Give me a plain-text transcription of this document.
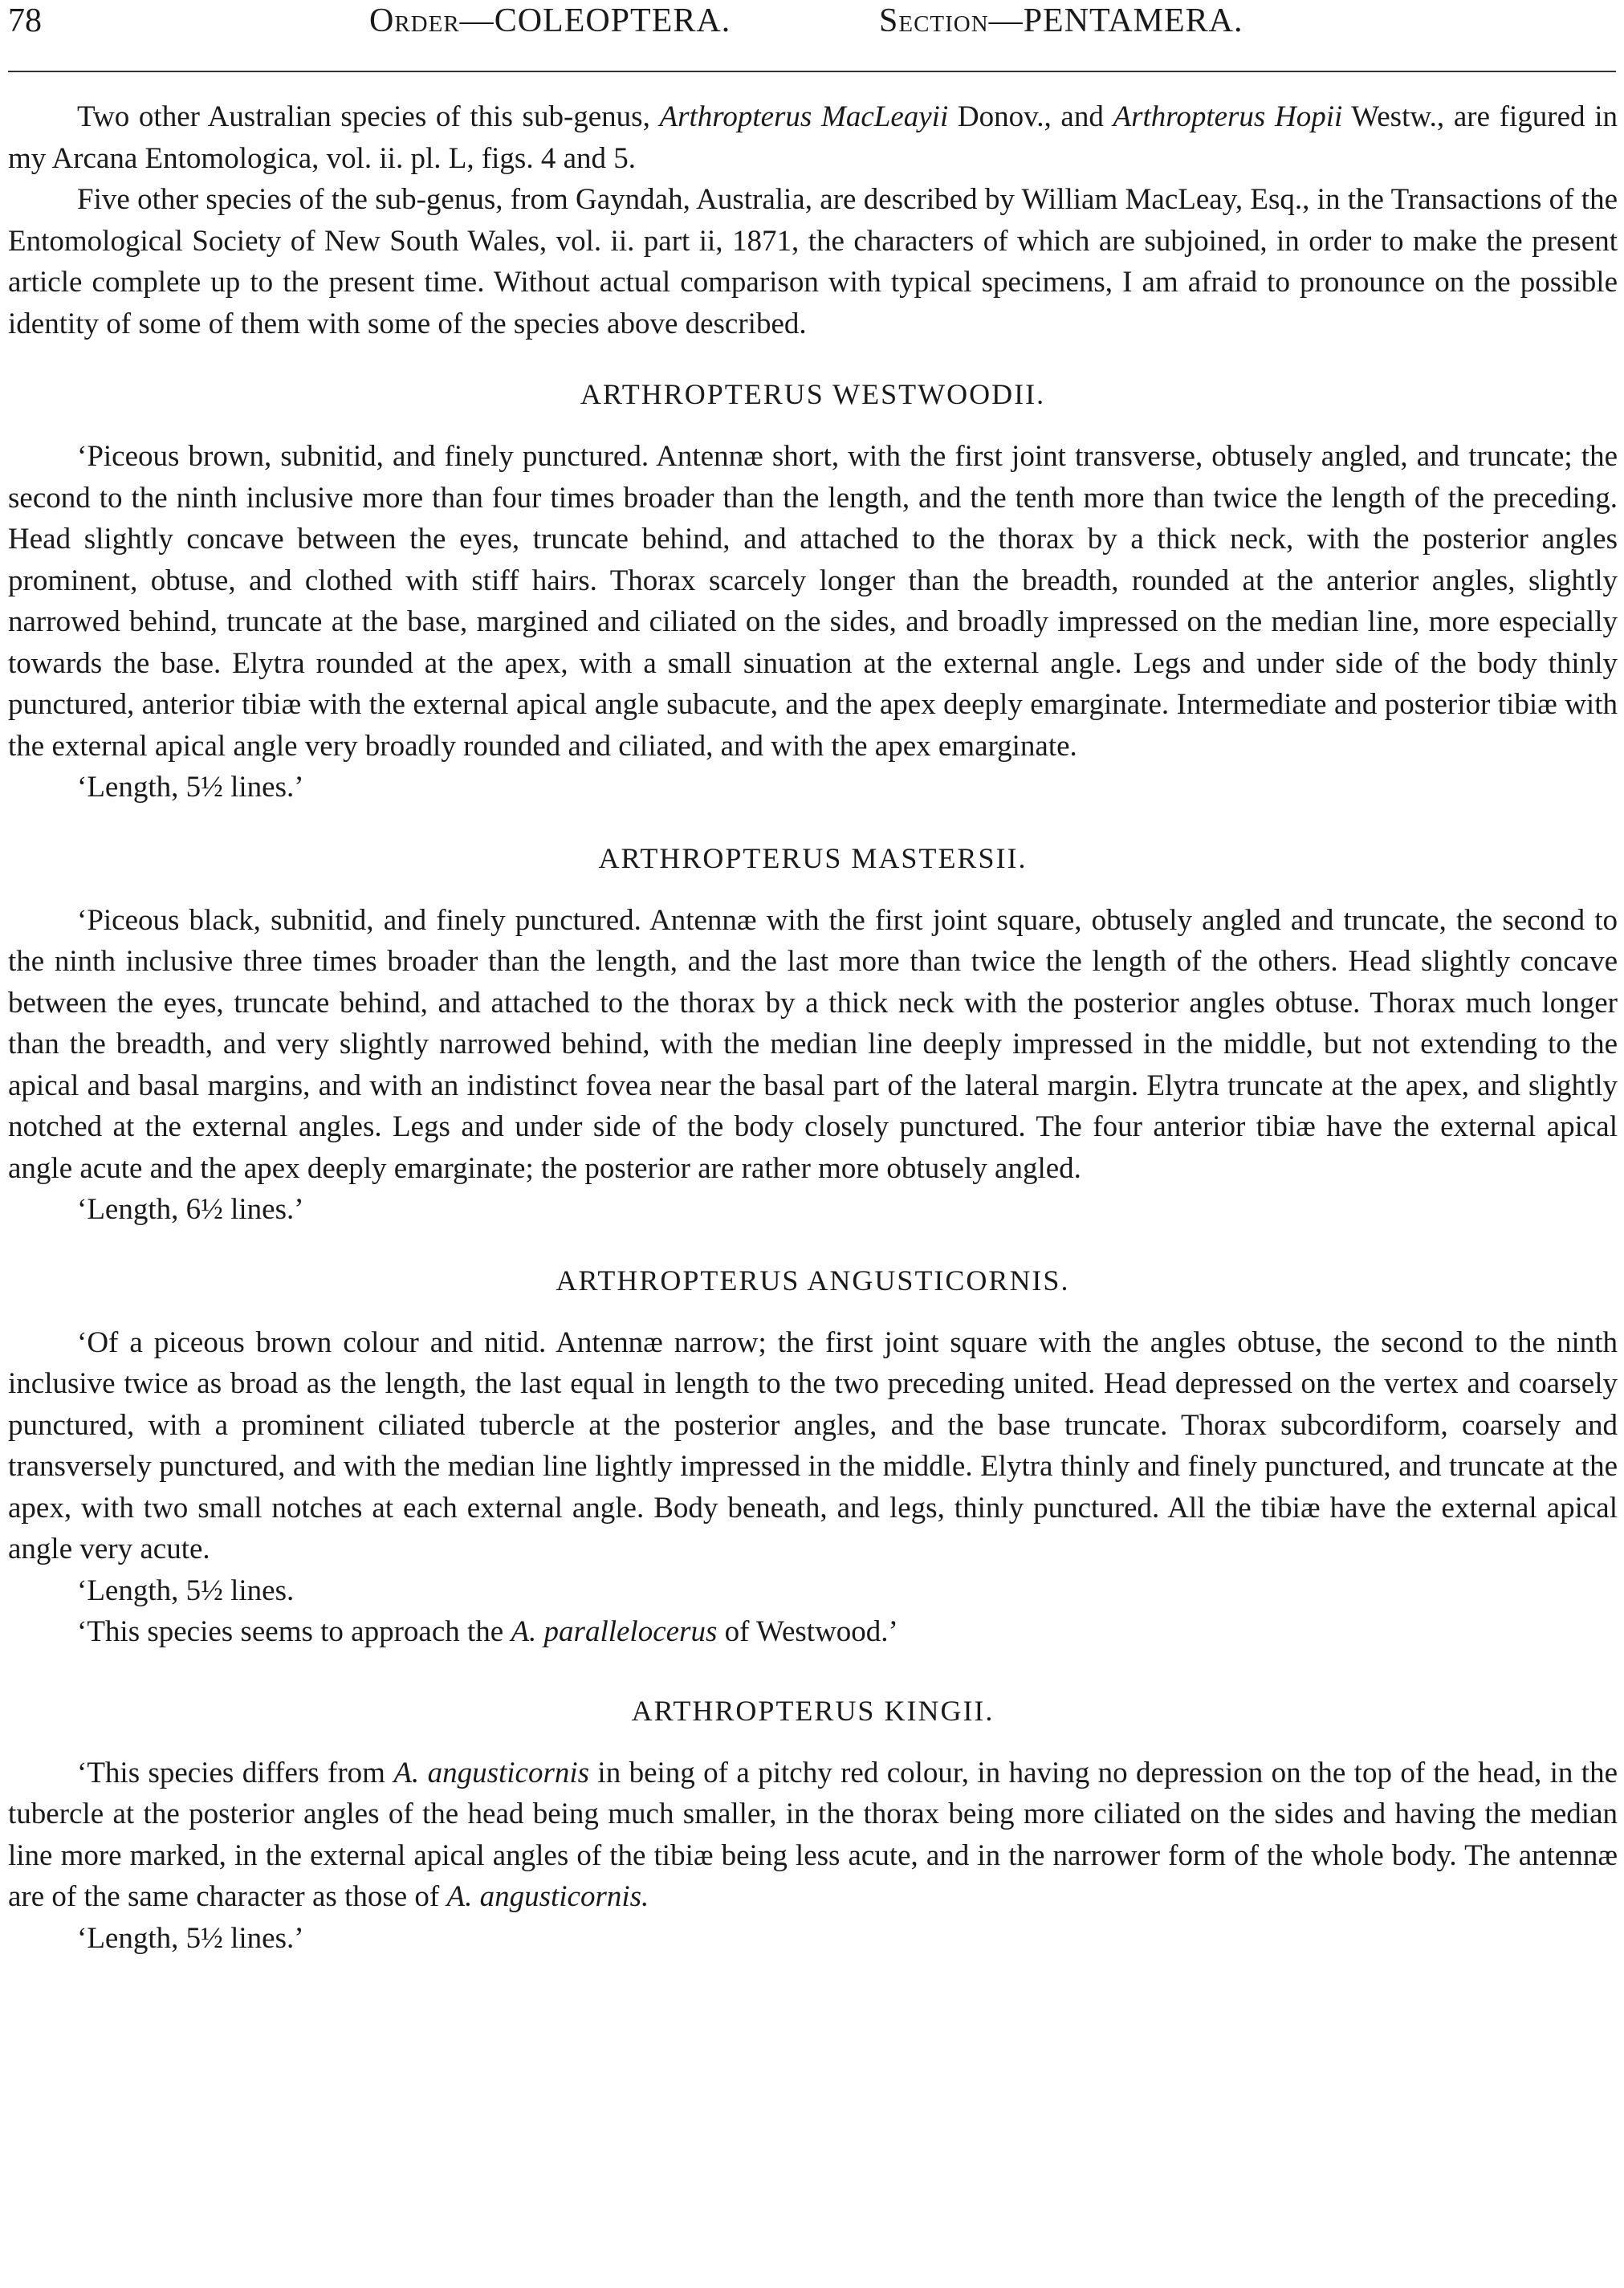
78	Order—COLEOPTERA.	Section—PENTAMERA.

Two other Australian species of this sub-genus, Arthropterus MacLeayii Donov., and Arthropterus Hopii Westw., are figured in my Arcana Entomologica, vol. ii. pl. L, figs. 4 and 5.

Five other species of the sub-genus, from Gayndah, Australia, are described by William MacLeay, Esq., in the Transactions of the Entomological Society of New South Wales, vol. ii. part ii, 1871, the characters of which are subjoined, in order to make the present article complete up to the present time. Without actual comparison with typical specimens, I am afraid to pronounce on the possible identity of some of them with some of the species above described.

ARTHROPTERUS WESTWOODII.

‘Piceous brown, subnitid, and finely punctured. Antennæ short, with the first joint transverse, obtusely angled, and truncate; the second to the ninth inclusive more than four times broader than the length, and the tenth more than twice the length of the preceding. Head slightly concave between the eyes, truncate behind, and attached to the thorax by a thick neck, with the posterior angles prominent, obtuse, and clothed with stiff hairs. Thorax scarcely longer than the breadth, rounded at the anterior angles, slightly narrowed behind, truncate at the base, margined and ciliated on the sides, and broadly impressed on the median line, more especially towards the base. Elytra rounded at the apex, with a small sinuation at the external angle. Legs and under side of the body thinly punctured, anterior tibiæ with the external apical angle subacute, and the apex deeply emarginate. Intermediate and posterior tibiæ with the external apical angle very broadly rounded and ciliated, and with the apex emarginate.

‘Length, 5½ lines.’

ARTHROPTERUS MASTERSII.

‘Piceous black, subnitid, and finely punctured. Antennæ with the first joint square, obtusely angled and truncate, the second to the ninth inclusive three times broader than the length, and the last more than twice the length of the others. Head slightly concave between the eyes, truncate behind, and attached to the thorax by a thick neck with the posterior angles obtuse. Thorax much longer than the breadth, and very slightly narrowed behind, with the median line deeply impressed in the middle, but not extending to the apical and basal margins, and with an indistinct fovea near the basal part of the lateral margin. Elytra truncate at the apex, and slightly notched at the external angles. Legs and under side of the body closely punctured. The four anterior tibiæ have the external apical angle acute and the apex deeply emarginate; the posterior are rather more obtusely angled.

‘Length, 6½ lines.’

ARTHROPTERUS ANGUSTICORNIS.

‘Of a piceous brown colour and nitid. Antennæ narrow; the first joint square with the angles obtuse, the second to the ninth inclusive twice as broad as the length, the last equal in length to the two preceding united. Head depressed on the vertex and coarsely punctured, with a prominent ciliated tubercle at the posterior angles, and the base truncate. Thorax subcordiform, coarsely and transversely punctured, and with the median line lightly impressed in the middle. Elytra thinly and finely punctured, and truncate at the apex, with two small notches at each external angle. Body beneath, and legs, thinly punctured. All the tibiæ have the external apical angle very acute.

‘Length, 5½ lines.

‘This species seems to approach the A. parallelocerus of Westwood.’

ARTHROPTERUS KINGII.

‘This species differs from A. angusticornis in being of a pitchy red colour, in having no depression on the top of the head, in the tubercle at the posterior angles of the head being much smaller, in the thorax being more ciliated on the sides and having the median line more marked, in the external apical angles of the tibiæ being less acute, and in the narrower form of the whole body. The antennæ are of the same character as those of A. angusticornis.

‘Length, 5½ lines.’
